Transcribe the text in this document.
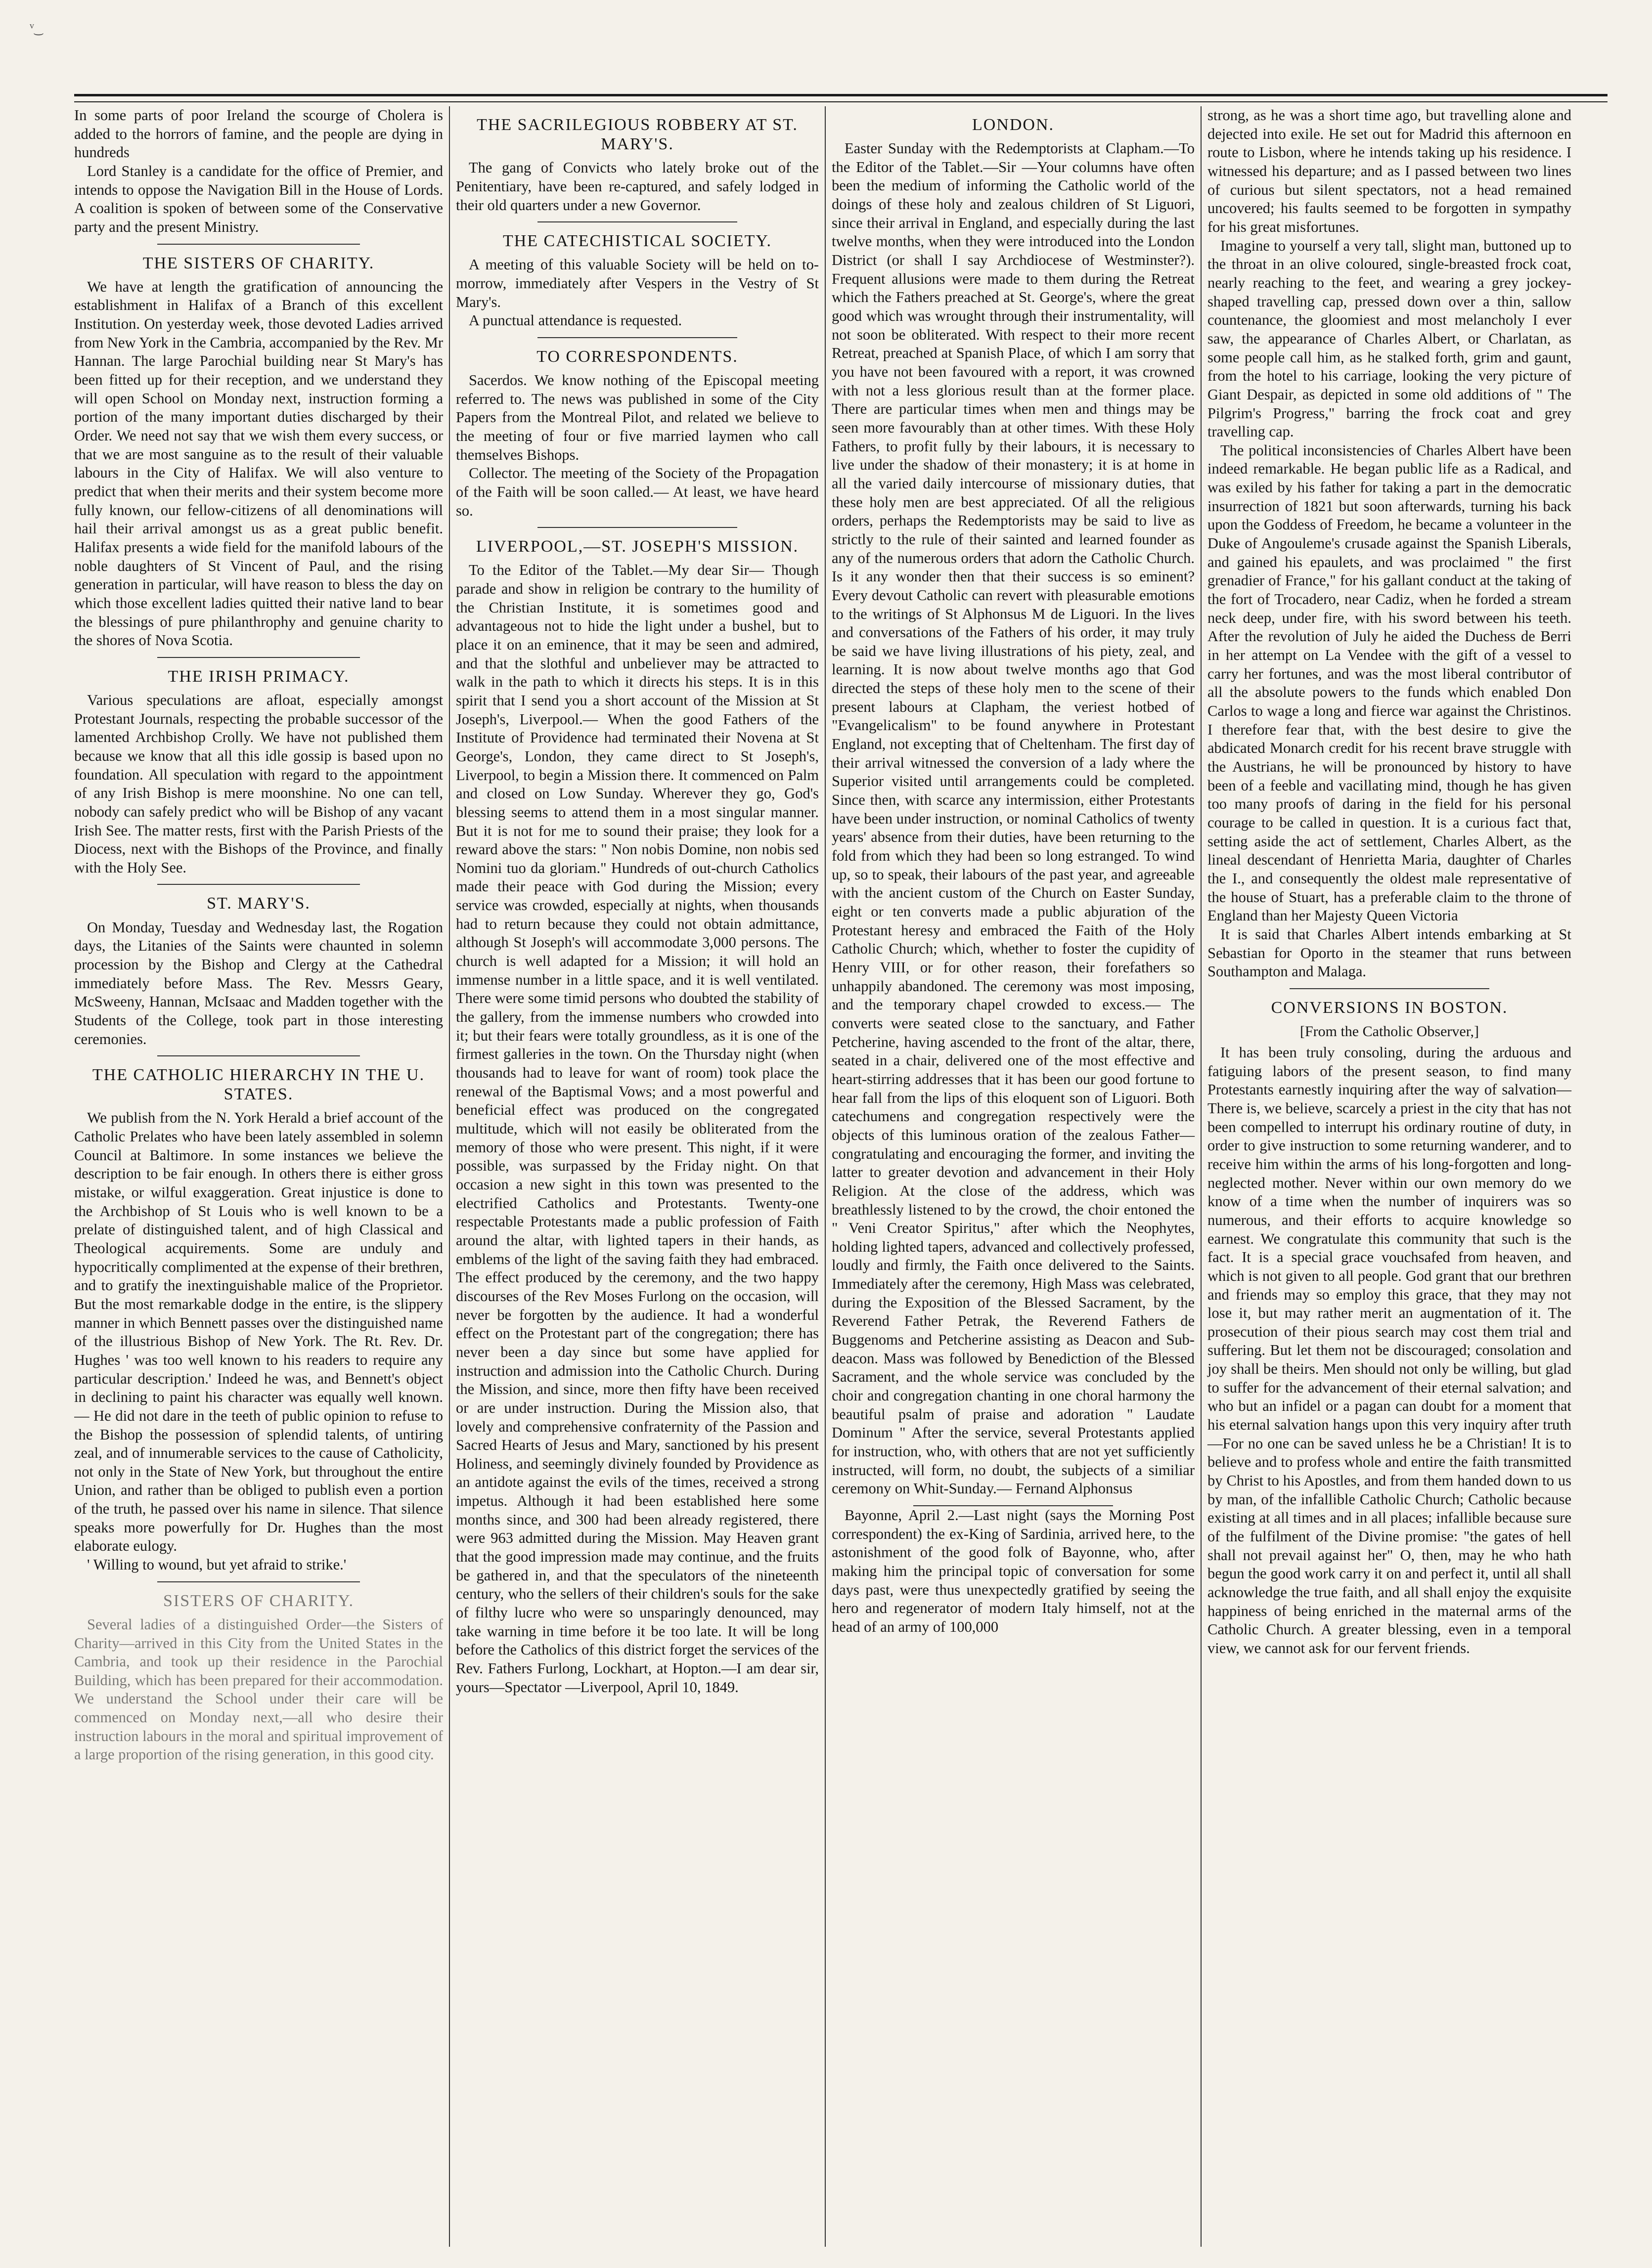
ᵛ͜

In some parts of poor Ireland the scourge of Cholera is added to the horrors of famine, and the people are dying in hundreds

Lord Stanley is a candidate for the office of Premier, and intends to oppose the Navigation Bill in the House of Lords. A coalition is spoken of between some of the Conservative party and the present Ministry.

THE SISTERS OF CHARITY.

We have at length the gratification of announcing the establishment in Halifax of a Branch of this excellent Institution. On yesterday week, those devoted Ladies arrived from New York in the Cambria, accompanied by the Rev. Mr Hannan. The large Parochial building near St Mary's has been fitted up for their reception, and we understand they will open School on Monday next, instruction forming a portion of the many important duties discharged by their Order. We need not say that we wish them every success, or that we are most sanguine as to the result of their valuable labours in the City of Halifax. We will also venture to predict that when their merits and their system become more fully known, our fellow-citizens of all denominations will hail their arrival amongst us as a great public benefit. Halifax presents a wide field for the manifold labours of the noble daughters of St Vincent of Paul, and the rising generation in particular, will have reason to bless the day on which those excellent ladies quitted their native land to bear the blessings of pure philanthrophy and genuine charity to the shores of Nova Scotia.

THE IRISH PRIMACY.

Various speculations are afloat, especially amongst Protestant Journals, respecting the probable successor of the lamented Archbishop Crolly. We have not published them because we know that all this idle gossip is based upon no foundation. All speculation with regard to the appointment of any Irish Bishop is mere moonshine. No one can tell, nobody can safely predict who will be Bishop of any vacant Irish See. The matter rests, first with the Parish Priests of the Diocess, next with the Bishops of the Province, and finally with the Holy See.

ST. MARY'S.

On Monday, Tuesday and Wednesday last, the Rogation days, the Litanies of the Saints were chaunted in solemn procession by the Bishop and Clergy at the Cathedral immediately before Mass. The Rev. Messrs Geary, McSweeny, Hannan, McIsaac and Madden together with the Students of the College, took part in those interesting ceremonies.

THE CATHOLIC HIERARCHY IN THE U. STATES.

We publish from the N. York Herald a brief account of the Catholic Prelates who have been lately assembled in solemn Council at Baltimore. In some instances we believe the description to be fair enough. In others there is either gross mistake, or wilful exaggeration. Great injustice is done to the Archbishop of St Louis who is well known to be a prelate of distinguished talent, and of high Classical and Theological acquirements. Some are unduly and hypocritically complimented at the expense of their brethren, and to gratify the inextinguishable malice of the Proprietor. But the most remarkable dodge in the entire, is the slippery manner in which Bennett passes over the distinguished name of the illustrious Bishop of New York. The Rt. Rev. Dr. Hughes ' was too well known to his readers to require any particular description.' Indeed he was, and Bennett's object in declining to paint his character was equally well known.— He did not dare in the teeth of public opinion to refuse to the Bishop the possession of splendid talents, of untiring zeal, and of innumerable services to the cause of Catholicity, not only in the State of New York, but throughout the entire Union, and rather than be obliged to publish even a portion of the truth, he passed over his name in silence. That silence speaks more powerfully for Dr. Hughes than the most elaborate eulogy.

' Willing to wound, but yet afraid to strike.'

SISTERS OF CHARITY.

Several ladies of a distinguished Order—the Sisters of Charity—arrived in this City from the United States in the Cambria, and took up their residence in the Parochial Building, which has been prepared for their accommodation. We understand the School under their care will be commenced on Monday next,—all who desire their instruction labours in the moral and spiritual improvement of a large proportion of the rising generation, in this good city.

THE SACRILEGIOUS ROBBERY AT ST. MARY'S.

The gang of Convicts who lately broke out of the Penitentiary, have been re-captured, and safely lodged in their old quarters under a new Governor.

THE CATECHISTICAL SOCIETY.

A meeting of this valuable Society will be held on to-morrow, immediately after Vespers in the Vestry of St Mary's.

A punctual attendance is requested.

TO CORRESPONDENTS.

Sacerdos. We know nothing of the Episcopal meeting referred to. The news was published in some of the City Papers from the Montreal Pilot, and related we believe to the meeting of four or five married laymen who call themselves Bishops.

Collector. The meeting of the Society of the Propagation of the Faith will be soon called.— At least, we have heard so.

LIVERPOOL,—ST. JOSEPH'S MISSION.

To the Editor of the Tablet.—My dear Sir— Though parade and show in religion be contrary to the humility of the Christian Institute, it is sometimes good and advantageous not to hide the light under a bushel, but to place it on an eminence, that it may be seen and admired, and that the slothful and unbeliever may be attracted to walk in the path to which it directs his steps. It is in this spirit that I send you a short account of the Mission at St Joseph's, Liverpool.— When the good Fathers of the Institute of Providence had terminated their Novena at St George's, London, they came direct to St Joseph's, Liverpool, to begin a Mission there. It commenced on Palm and closed on Low Sunday. Wherever they go, God's blessing seems to attend them in a most singular manner. But it is not for me to sound their praise; they look for a reward above the stars: " Non nobis Domine, non nobis sed Nomini tuo da gloriam." Hundreds of out-church Catholics made their peace with God during the Mission; every service was crowded, especially at nights, when thousands had to return because they could not obtain admittance, although St Joseph's will accommodate 3,000 persons. The church is well adapted for a Mission; it will hold an immense number in a little space, and it is well ventilated. There were some timid persons who doubted the stability of the gallery, from the immense numbers who crowded into it; but their fears were totally groundless, as it is one of the firmest galleries in the town. On the Thursday night (when thousands had to leave for want of room) took place the renewal of the Baptismal Vows; and a most powerful and beneficial effect was produced on the congregated multitude, which will not easily be obliterated from the memory of those who were present. This night, if it were possible, was surpassed by the Friday night. On that occasion a new sight in this town was presented to the electrified Catholics and Protestants. Twenty-one respectable Protestants made a public profession of Faith around the altar, with lighted tapers in their hands, as emblems of the light of the saving faith they had embraced. The effect produced by the ceremony, and the two happy discourses of the Rev Moses Furlong on the occasion, will never be forgotten by the audience. It had a wonderful effect on the Protestant part of the congregation; there has never been a day since but some have applied for instruction and admission into the Catholic Church. During the Mission, and since, more then fifty have been received or are under instruction. During the Mission also, that lovely and comprehensive confraternity of the Passion and Sacred Hearts of Jesus and Mary, sanctioned by his present Holiness, and seemingly divinely founded by Providence as an antidote against the evils of the times, received a strong impetus. Although it had been established here some months since, and 300 had been already registered, there were 963 admitted during the Mission. May Heaven grant that the good impression made may continue, and the fruits be gathered in, and that the speculators of the nineteenth century, who the sellers of their children's souls for the sake of filthy lucre who were so unsparingly denounced, may take warning in time before it be too late. It will be long before the Catholics of this district forget the services of the Rev. Fathers Furlong, Lockhart, at Hopton.—I am dear sir, yours—Spectator —Liverpool, April 10, 1849.

LONDON.

Easter Sunday with the Redemptorists at Clapham.—To the Editor of the Tablet.—Sir —Your columns have often been the medium of informing the Catholic world of the doings of these holy and zealous children of St Liguori, since their arrival in England, and especially during the last twelve months, when they were introduced into the London District (or shall I say Archdiocese of Westminster?). Frequent allusions were made to them during the Retreat which the Fathers preached at St. George's, where the great good which was wrought through their instrumentality, will not soon be obliterated. With respect to their more recent Retreat, preached at Spanish Place, of which I am sorry that you have not been favoured with a report, it was crowned with not a less glorious result than at the former place. There are particular times when men and things may be seen more favourably than at other times. With these Holy Fathers, to profit fully by their labours, it is necessary to live under the shadow of their monastery; it is at home in all the varied daily intercourse of missionary duties, that these holy men are best appreciated. Of all the religious orders, perhaps the Redemptorists may be said to live as strictly to the rule of their sainted and learned founder as any of the numerous orders that adorn the Catholic Church. Is it any wonder then that their success is so eminent? Every devout Catholic can revert with pleasurable emotions to the writings of St Alphonsus M de Liguori. In the lives and conversations of the Fathers of his order, it may truly be said we have living illustrations of his piety, zeal, and learning. It is now about twelve months ago that God directed the steps of these holy men to the scene of their present labours at Clapham, the veriest hotbed of "Evangelicalism" to be found anywhere in Protestant England, not excepting that of Cheltenham. The first day of their arrival witnessed the conversion of a lady where the Superior visited until arrangements could be completed. Since then, with scarce any intermission, either Protestants have been under instruction, or nominal Catholics of twenty years' absence from their duties, have been returning to the fold from which they had been so long estranged. To wind up, so to speak, their labours of the past year, and agreeable with the ancient custom of the Church on Easter Sunday, eight or ten converts made a public abjuration of the Protestant heresy and embraced the Faith of the Holy Catholic Church; which, whether to foster the cupidity of Henry VIII, or for other reason, their forefathers so unhappily abandoned. The ceremony was most imposing, and the temporary chapel crowded to excess.— The converts were seated close to the sanctuary, and Father Petcherine, having ascended to the front of the altar, there, seated in a chair, delivered one of the most effective and heart-stirring addresses that it has been our good fortune to hear fall from the lips of this eloquent son of Liguori. Both catechumens and congregation respectively were the objects of this luminous oration of the zealous Father—congratulating and encouraging the former, and inviting the latter to greater devotion and advancement in their Holy Religion. At the close of the address, which was breathlessly listened to by the crowd, the choir entoned the " Veni Creator Spiritus," after which the Neophytes, holding lighted tapers, advanced and collectively professed, loudly and firmly, the Faith once delivered to the Saints. Immediately after the ceremony, High Mass was celebrated, during the Exposition of the Blessed Sacrament, by the Reverend Father Petrak, the Reverend Fathers de Buggenoms and Petcherine assisting as Deacon and Sub-deacon. Mass was followed by Benediction of the Blessed Sacrament, and the whole service was concluded by the choir and congregation chanting in one choral harmony the beautiful psalm of praise and adoration " Laudate Dominum " After the service, several Protestants applied for instruction, who, with others that are not yet sufficiently instructed, will form, no doubt, the subjects of a similiar ceremony on Whit-Sunday.— Fernand Alphonsus

Bayonne, April 2.—Last night (says the Morning Post correspondent) the ex-King of Sardinia, arrived here, to the astonishment of the good folk of Bayonne, who, after making him the principal topic of conversation for some days past, were thus unexpectedly gratified by seeing the hero and regenerator of modern Italy himself, not at the head of an army of 100,000

strong, as he was a short time ago, but travelling alone and dejected into exile. He set out for Madrid this afternoon en route to Lisbon, where he intends taking up his residence. I witnessed his departure; and as I passed between two lines of curious but silent spectators, not a head remained uncovered; his faults seemed to be forgotten in sympathy for his great misfortunes.

Imagine to yourself a very tall, slight man, buttoned up to the throat in an olive coloured, single-breasted frock coat, nearly reaching to the feet, and wearing a grey jockey-shaped travelling cap, pressed down over a thin, sallow countenance, the gloomiest and most melancholy I ever saw, the appearance of Charles Albert, or Charlatan, as some people call him, as he stalked forth, grim and gaunt, from the hotel to his carriage, looking the very picture of Giant Despair, as depicted in some old additions of " The Pilgrim's Progress," barring the frock coat and grey travelling cap.

The political inconsistencies of Charles Albert have been indeed remarkable. He began public life as a Radical, and was exiled by his father for taking a part in the democratic insurrection of 1821 but soon afterwards, turning his back upon the Goddess of Freedom, he became a volunteer in the Duke of Angouleme's crusade against the Spanish Liberals, and gained his epaulets, and was proclaimed " the first grenadier of France," for his gallant conduct at the taking of the fort of Trocadero, near Cadiz, when he forded a stream neck deep, under fire, with his sword between his teeth. After the revolution of July he aided the Duchess de Berri in her attempt on La Vendee with the gift of a vessel to carry her fortunes, and was the most liberal contributor of all the absolute powers to the funds which enabled Don Carlos to wage a long and fierce war against the Christinos. I therefore fear that, with the best desire to give the abdicated Monarch credit for his recent brave struggle with the Austrians, he will be pronounced by history to have been of a feeble and vacillating mind, though he has given too many proofs of daring in the field for his personal courage to be called in question. It is a curious fact that, setting aside the act of settlement, Charles Albert, as the lineal descendant of Henrietta Maria, daughter of Charles the I., and consequently the oldest male representative of the house of Stuart, has a preferable claim to the throne of England than her Majesty Queen Victoria

It is said that Charles Albert intends embarking at St Sebastian for Oporto in the steamer that runs between Southampton and Malaga.

CONVERSIONS IN BOSTON.

[From the Catholic Observer,]

It has been truly consoling, during the arduous and fatiguing labors of the present season, to find many Protestants earnestly inquiring after the way of salvation—There is, we believe, scarcely a priest in the city that has not been compelled to interrupt his ordinary routine of duty, in order to give instruction to some returning wanderer, and to receive him within the arms of his long-forgotten and long-neglected mother. Never within our own memory do we know of a time when the number of inquirers was so numerous, and their efforts to acquire knowledge so earnest. We congratulate this community that such is the fact. It is a special grace vouchsafed from heaven, and which is not given to all people. God grant that our brethren and friends may so employ this grace, that they may not lose it, but may rather merit an augmentation of it. The prosecution of their pious search may cost them trial and suffering. But let them not be discouraged; consolation and joy shall be theirs. Men should not only be willing, but glad to suffer for the advancement of their eternal salvation; and who but an infidel or a pagan can doubt for a moment that his eternal salvation hangs upon this very inquiry after truth —For no one can be saved unless he be a Christian! It is to believe and to profess whole and entire the faith transmitted by Christ to his Apostles, and from them handed down to us by man, of the infallible Catholic Church; Catholic because existing at all times and in all places; infallible because sure of the fulfilment of the Divine promise: "the gates of hell shall not prevail against her" O, then, may he who hath begun the good work carry it on and perfect it, until all shall acknowledge the true faith, and all shall enjoy the exquisite happiness of being enriched in the maternal arms of the Catholic Church. A greater blessing, even in a temporal view, we cannot ask for our fervent friends.
